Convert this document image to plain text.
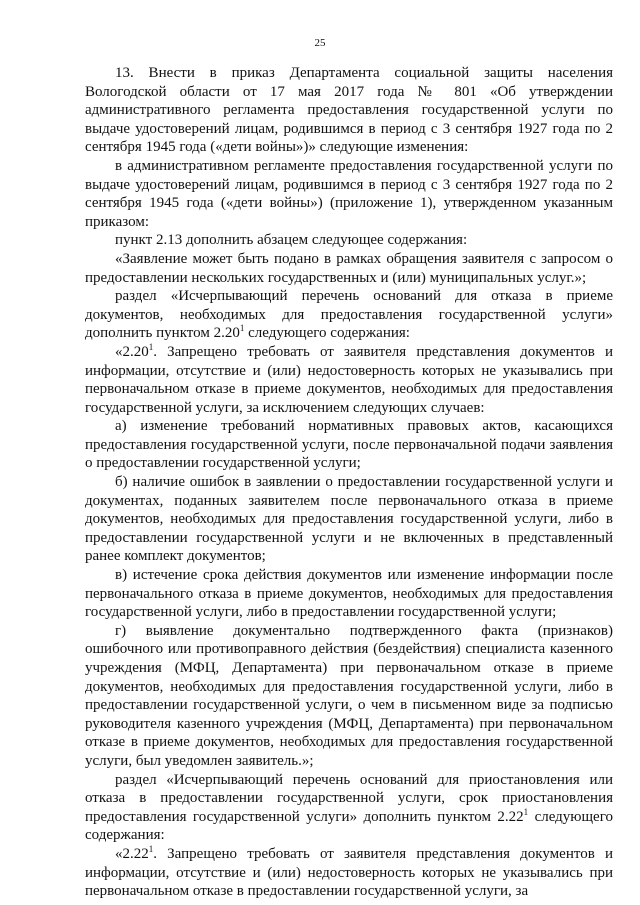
25

13. Внести в приказ Департамента социальной защиты населения Вологодской области от 17 мая 2017 года № 801 «Об утверждении административного регламента предоставления государственной услуги по выдаче удостоверений лицам, родившимся в период с 3 сентября 1927 года по 2 сентября 1945 года («дети войны»)» следующие изменения:

в административном регламенте предоставления государственной услуги по выдаче удостоверений лицам, родившимся в период с 3 сентября 1927 года по 2 сентября 1945 года («дети войны») (приложение 1), утвержденном указанным приказом:

пункт 2.13 дополнить абзацем следующее содержания:

«Заявление может быть подано в рамках обращения заявителя с запросом о предоставлении нескольких государственных и (или) муниципальных услуг.»;

раздел «Исчерпывающий перечень оснований для отказа в приеме документов, необходимых для предоставления государственной услуги» дополнить пунктом 2.20$^1$ следующего содержания:

«2.20$^1$. Запрещено требовать от заявителя представления документов и информации, отсутствие и (или) недостоверность которых не указывались при первоначальном отказе в приеме документов, необходимых для предоставления государственной услуги, за исключением следующих случаев:

а) изменение требований нормативных правовых актов, касающихся предоставления государственной услуги, после первоначальной подачи заявления о предоставлении государственной услуги;

б) наличие ошибок в заявлении о предоставлении государственной услуги и документах, поданных заявителем после первоначального отказа в приеме документов, необходимых для предоставления государственной услуги, либо в предоставлении государственной услуги и не включенных в представленный ранее комплект документов;

в) истечение срока действия документов или изменение информации после первоначального отказа в приеме документов, необходимых для предоставления государственной услуги, либо в предоставлении государственной услуги;

г) выявление документально подтвержденного факта (признаков) ошибочного или противоправного действия (бездействия) специалиста казенного учреждения (МФЦ, Департамента) при первоначальном отказе в приеме документов, необходимых для предоставления государственной услуги, либо в предоставлении государственной услуги, о чем в письменном виде за подписью руководителя казенного учреждения (МФЦ, Департамента) при первоначальном отказе в приеме документов, необходимых для предоставления государственной услуги, был уведомлен заявитель.»;

раздел «Исчерпывающий перечень оснований для приостановления или отказа в предоставлении государственной услуги, срок приостановления предоставления государственной услуги» дополнить пунктом 2.22$^1$ следующего содержания:

«2.22$^1$. Запрещено требовать от заявителя представления документов и информации, отсутствие и (или) недостоверность которых не указывались при первоначальном отказе в предоставлении государственной услуги, за
